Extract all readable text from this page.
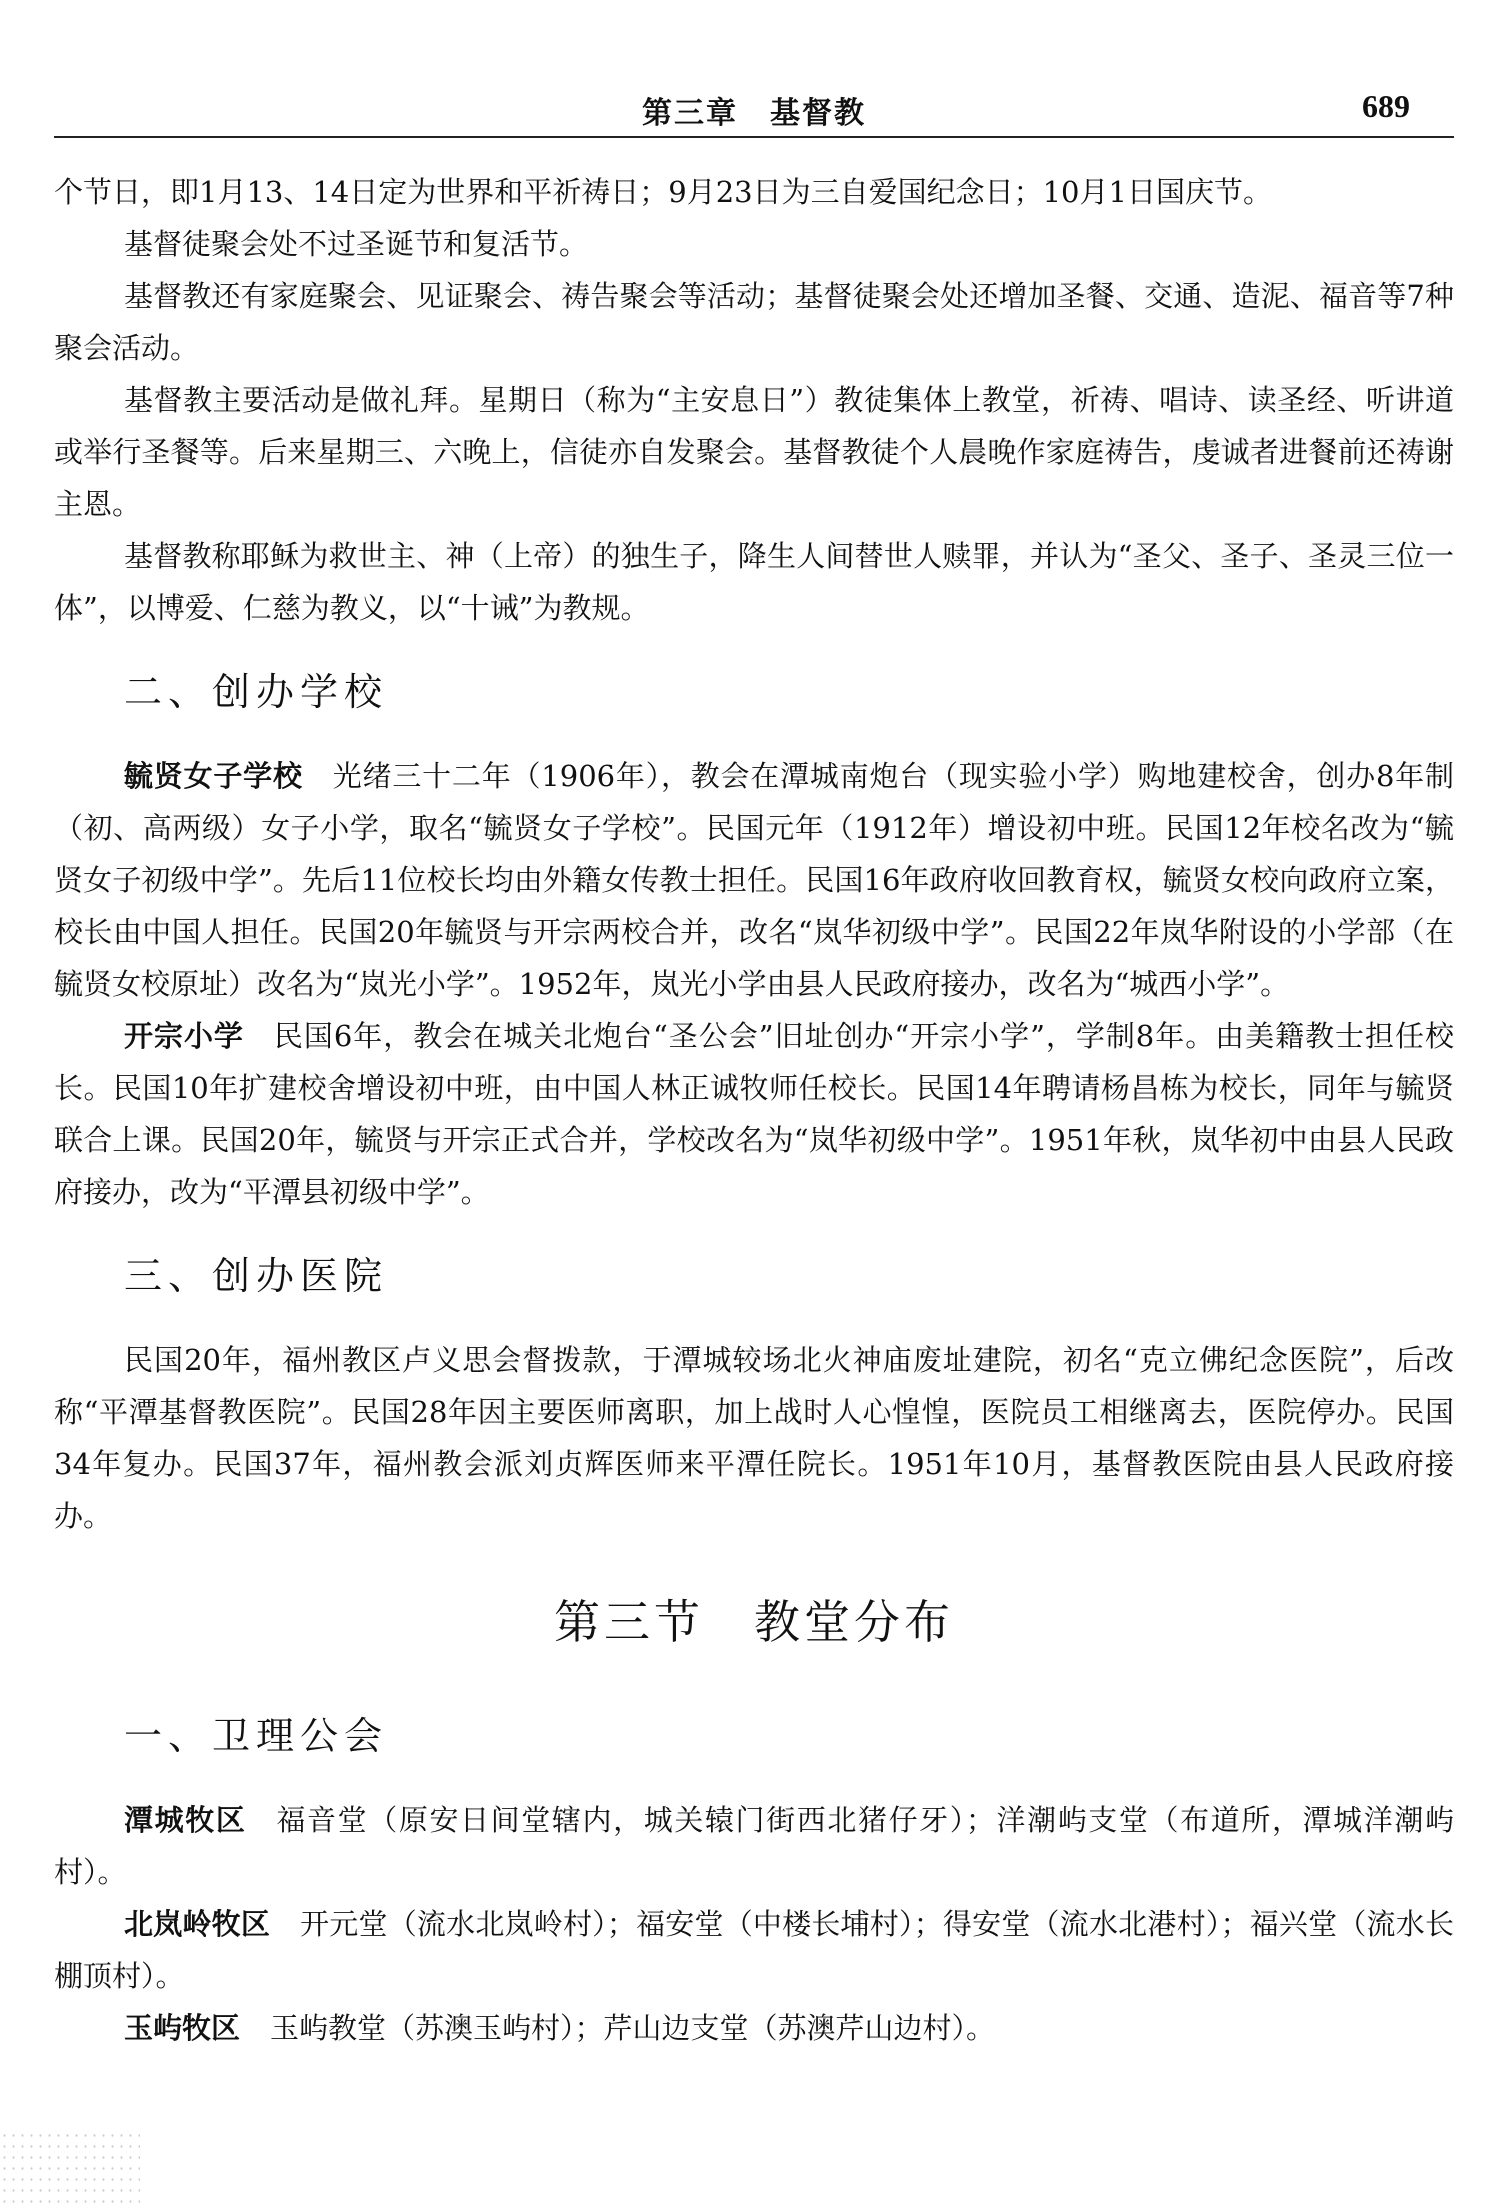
第三章　基督教	689

个节日，即1月13、14日定为世界和平祈祷日；9月23日为三自爱国纪念日；10月1日国庆节。

基督徒聚会处不过圣诞节和复活节。

基督教还有家庭聚会、见证聚会、祷告聚会等活动；基督徒聚会处还增加圣餐、交通、造泥、福音等7种聚会活动。

基督教主要活动是做礼拜。星期日（称为“主安息日”）教徒集体上教堂，祈祷、唱诗、读圣经、听讲道或举行圣餐等。后来星期三、六晚上，信徒亦自发聚会。基督教徒个人晨晚作家庭祷告，虔诚者进餐前还祷谢主恩。

基督教称耶稣为救世主、神（上帝）的独生子，降生人间替世人赎罪，并认为“圣父、圣子、圣灵三位一体”，以博爱、仁慈为教义，以“十诫”为教规。

二、创办学校

毓贤女子学校 光绪三十二年（1906年），教会在潭城南炮台（现实验小学）购地建校舍，创办8年制（初、高两级）女子小学，取名“毓贤女子学校”。民国元年（1912年）增设初中班。民国12年校名改为“毓贤女子初级中学”。先后11位校长均由外籍女传教士担任。民国16年政府收回教育权，毓贤女校向政府立案，校长由中国人担任。民国20年毓贤与开宗两校合并，改名“岚华初级中学”。民国22年岚华附设的小学部（在毓贤女校原址）改名为“岚光小学”。1952年，岚光小学由县人民政府接办，改名为“城西小学”。

开宗小学 民国6年，教会在城关北炮台“圣公会”旧址创办“开宗小学”，学制8年。由美籍教士担任校长。民国10年扩建校舍增设初中班，由中国人林正诚牧师任校长。民国14年聘请杨昌栋为校长，同年与毓贤联合上课。民国20年，毓贤与开宗正式合并，学校改名为“岚华初级中学”。1951年秋，岚华初中由县人民政府接办，改为“平潭县初级中学”。

三、创办医院

民国20年，福州教区卢义思会督拨款，于潭城较场北火神庙废址建院，初名“克立佛纪念医院”，后改称“平潭基督教医院”。民国28年因主要医师离职，加上战时人心惶惶，医院员工相继离去，医院停办。民国34年复办。民国37年，福州教会派刘贞辉医师来平潭任院长。1951年10月，基督教医院由县人民政府接办。

第三节　教堂分布
一、卫理公会

潭城牧区 福音堂（原安日间堂辖内，城关辕门街西北猪仔牙）；洋潮屿支堂（布道所，潭城洋潮屿村）。

北岚岭牧区 开元堂（流水北岚岭村）；福安堂（中楼长埔村）；得安堂（流水北港村）；福兴堂（流水长棚顶村）。

玉屿牧区 玉屿教堂（苏澳玉屿村）；芹山边支堂（苏澳芹山边村）。
